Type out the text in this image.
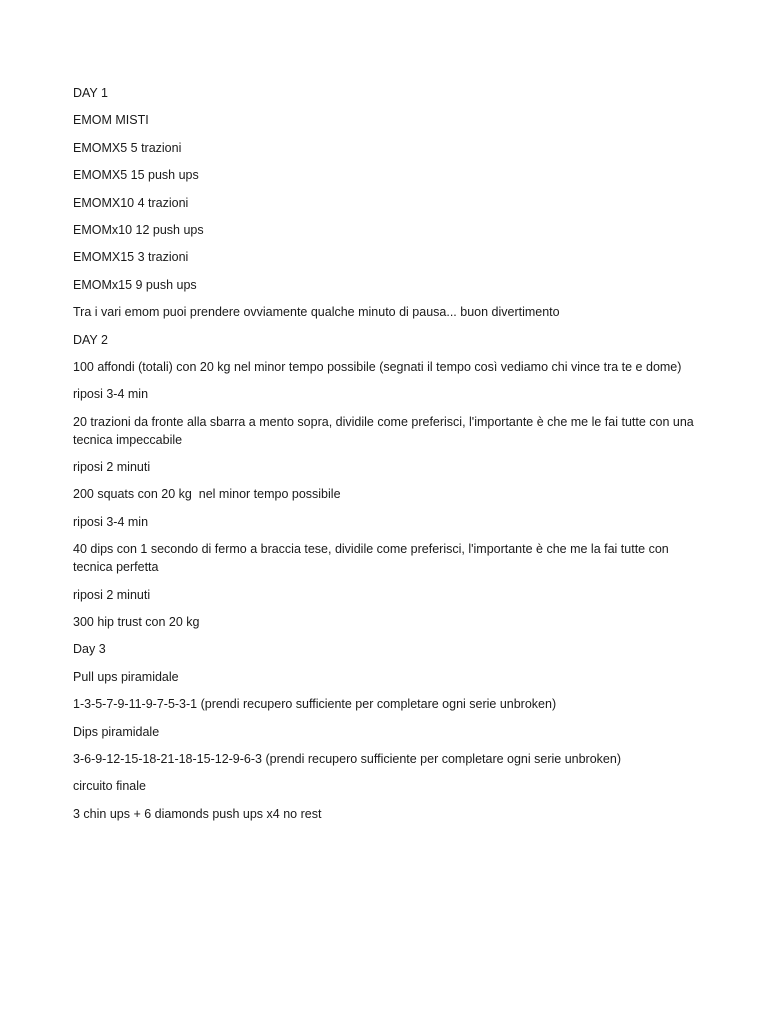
DAY 1

EMOM MISTI

EMOMX5 5 trazioni

EMOMX5 15 push ups

EMOMX10 4 trazioni

EMOMx10 12 push ups

EMOMX15 3 trazioni

EMOMx15 9 push ups

Tra i vari emom puoi prendere ovviamente qualche minuto di pausa... buon divertimento

DAY 2

100 affondi (totali) con 20 kg nel minor tempo possibile (segnati il tempo così vediamo chi vince tra te e dome)

riposi 3-4 min

20 trazioni da fronte alla sbarra a mento sopra, dividile come preferisci, l'importante è che me le fai tutte con una tecnica impeccabile

riposi 2 minuti

200 squats con 20 kg  nel minor tempo possibile

riposi 3-4 min

40 dips con 1 secondo di fermo a braccia tese, dividile come preferisci, l'importante è che me la fai tutte con tecnica perfetta

riposi 2 minuti

300 hip trust con 20 kg

Day 3

Pull ups piramidale

1-3-5-7-9-11-9-7-5-3-1 (prendi recupero sufficiente per completare ogni serie unbroken)

Dips piramidale

3-6-9-12-15-18-21-18-15-12-9-6-3 (prendi recupero sufficiente per completare ogni serie unbroken)

circuito finale

3 chin ups + 6 diamonds push ups x4 no rest
